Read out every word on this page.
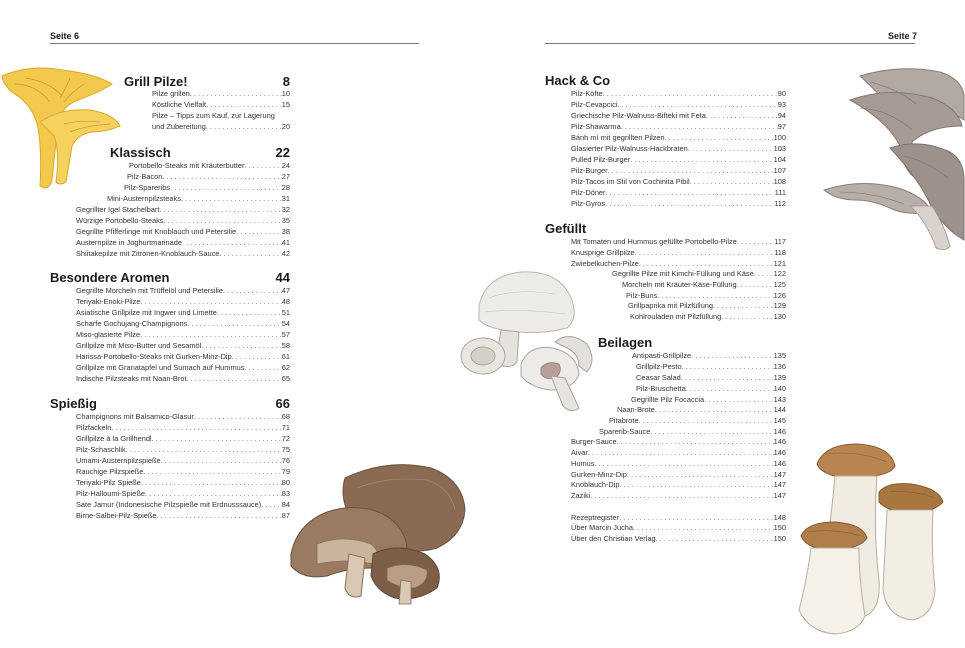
Seite 6	Seite 7
Grill Pilze!	8
Pilze grillen . . .	10
Köstliche Vielfalt . . .	15
Pilze – Tipps zum Kauf, zur Lagerung
und Zubereitung . . .	20
Klassisch	22
Portobello-Steaks mit Kräuterbutter . . .	24
Pilz-Bacon . . .	27
Pilz-Spareribs . . .	28
Mini-Austernpilzsteaks . . .	31
Gegrillter Igel Stachelbart . . .	32
Würzige Portobello-Steaks . . .	35
Gegrillte Pfifferlinge mit Knoblauch und Petersilie . . .	38
Austernpilze in Joghurtmarinade . . .	41
Shiitakepilze mit Zitronen-Knoblauch-Sauce . . .	42
Besondere Aromen	44
Gegrillte Morcheln mit Trüffelöl und Petersilie . . .	47
Teriyaki-Enoki-Pilze . . .	48
Asiatische Grillpilze mit Ingwer und Limette . . .	51
Scharfe Gochujang-Champignons . . .	54
Miso-glasierte Pilze . . .	57
Grillpilze mit Miso-Butter und Sesamöl . . .	58
Harissa-Portobello-Steaks mit Gurken-Minz-Dip . . .	61
Grillpilze mit Granatapfel und Sumach auf Hummus . . .	62
Indische Pilzsteaks mit Naan-Brot . . .	65
Spießig	66
Champignons mit Balsamico-Glasur . . .	68
Pilzfackeln . . .	71
Grillpilze à la Grillhendl . . .	72
Pilz-Schaschlik . . .	75
Umami-Austernpilzspieße . . .	76
Rauchige Pilzspieße . . .	79
Teriyaki-Pilz Spieße . . .	80
Pilz-Halloumi-Spieße . . .	83
Sate Jamur (Indonesische Pilzspieße mit Erdnusssauce) . . .	84
Birne-Salbei-Pilz-Spieße . . .	87
Hack & Co
Pilz-Köfte . . .	90
Pilz-Cevapcici . . .	93
Griechische Pilz-Walnuss-Bifteki mit Feta . . .	94
Pilz-Shawarma . . .	97
Bánh mì mit gegrillten Pilzen . . .	100
Glasierter Pilz-Walnuss-Hackbraten . . .	103
Pulled Pilz-Burger . . .	104
Pilz-Burger . . .	107
Pilz-Tacos im Stil von Cochinita Pibil . . .	108
Pilz-Döner . . .	111
Pilz-Gyros . . .	112
Gefüllt
Mit Tomaten und Hummus gefüllte Portobello-Pilze . . .	117
Knusprige Grillpilze . . .	118
Zwiebelkuchen-Pilze . . .	121
Gegrillte Pilze mit Kimchi-Füllung und Käse . . .	122
Morcheln mit Kräuter-Käse-Füllung . . .	125
Pilz-Buns . . .	126
Grillpaprika mit Pilzfüllung . . .	129
Kohlrouladen mit Pilzfüllung . . .	130
Beilagen
Antipasti-Grillpilze . . .	135
Grillpilz-Pesto . . .	136
Ceasar Salad . . .	139
Pilz-Bruschetta . . .	140
Gegrillte Pilz Focaccia . . .	143
Naan-Brote . . .	144
Pitabrote . . .	145
Sparerib-Sauce . . .	146
Burger-Sauce . . .	146
Aivar . . .	146
Humus . . .	146
Gurken-Minz-Dip . . .	147
Knoblauch-Dip . . .	147
Zaziki . . .	147
Rezeptregister . . .	148
Über Marcin Jucha . . .	150
Über den Christian Verlag . . .	150
